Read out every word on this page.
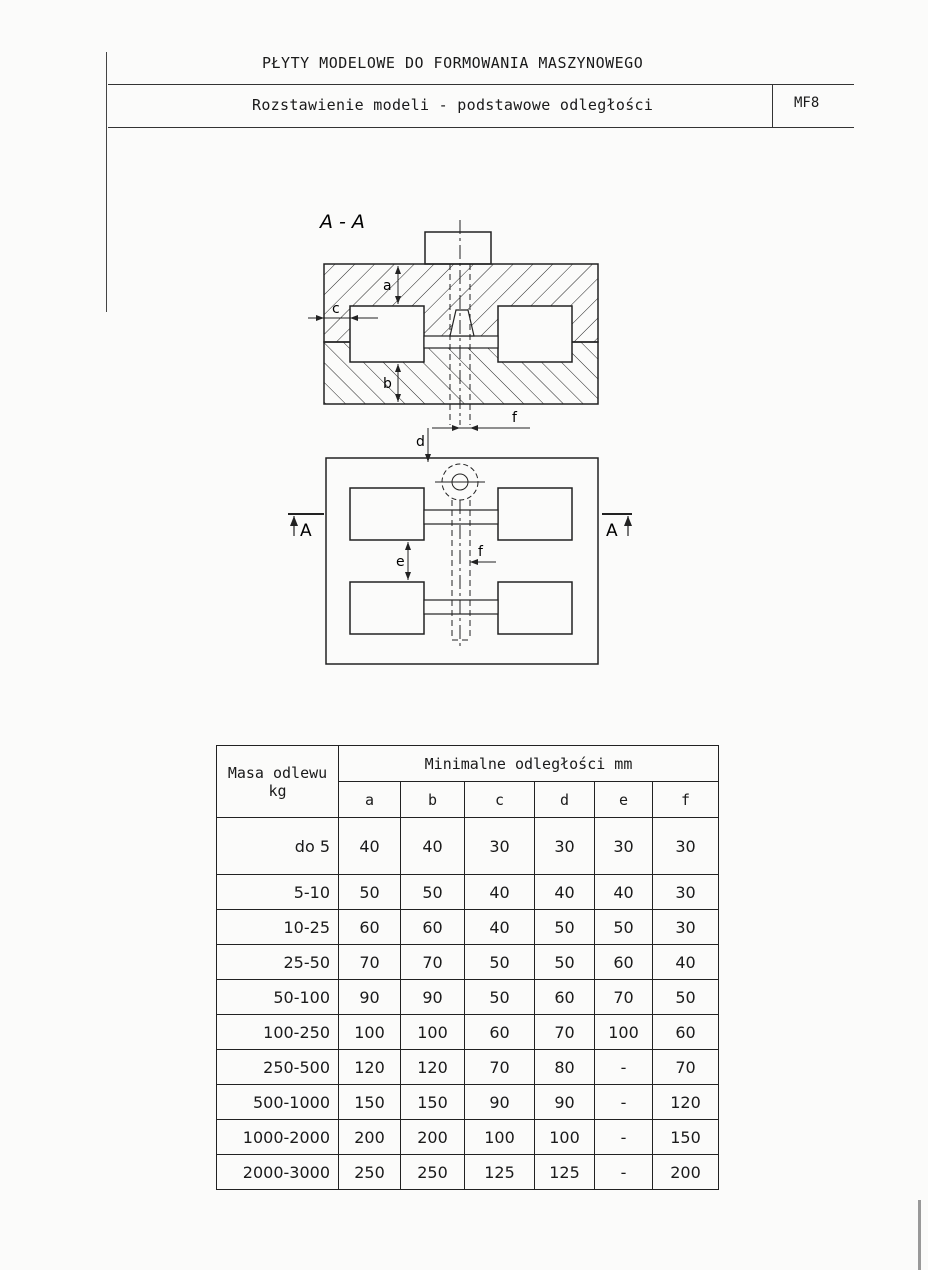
PŁYTY MODELOWE DO FORMOWANIA MASZYNOWEGO
Rozstawienie modeli - podstawowe odległości	MF8
A - A
a
c
b
f
d
e
f
A	A
Masa odlewu kg	Minimalne odległości mm					
	a	b	c	d	e	f
do 5	40	40	30	30	30	30
5-10	50	50	40	40	40	30
10-25	60	60	40	50	50	30
25-50	70	70	50	50	60	40
50-100	90	90	50	60	70	50
100-250	100	100	60	70	100	60
250-500	120	120	70	80	-	70
500-1000	150	150	90	90	-	120
1000-2000	200	200	100	100	-	150
2000-3000	250	250	125	125	-	200
